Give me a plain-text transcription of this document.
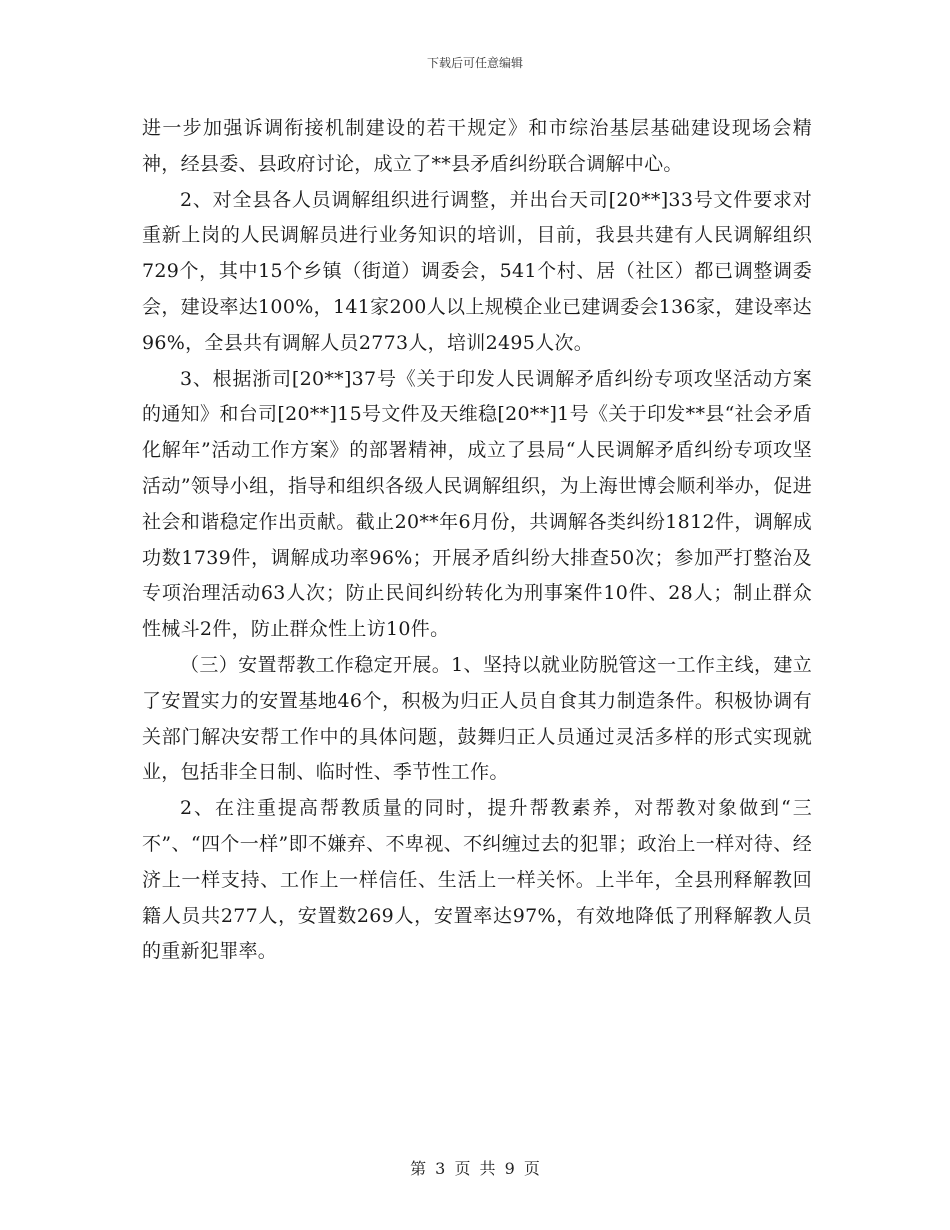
下载后可任意编辑

进一步加强诉调衔接机制建设的若干规定》和市综治基层基础建设现场会精神，经县委、县政府讨论，成立了**县矛盾纠纷联合调解中心。

2、对全县各人员调解组织进行调整，并出台天司[20**]33号文件要求对重新上岗的人民调解员进行业务知识的培训，目前，我县共建有人民调解组织729个，其中15个乡镇（街道）调委会，541个村、居（社区）都已调整调委会，建设率达100%，141家200人以上规模企业已建调委会136家，建设率达96%，全县共有调解人员2773人，培训2495人次。

3、根据浙司[20**]37号《关于印发人民调解矛盾纠纷专项攻坚活动方案的通知》和台司[20**]15号文件及天维稳[20**]1号《关于印发**县“社会矛盾化解年”活动工作方案》的部署精神，成立了县局“人民调解矛盾纠纷专项攻坚活动”领导小组，指导和组织各级人民调解组织，为上海世博会顺利举办，促进社会和谐稳定作出贡献。截止20**年6月份，共调解各类纠纷1812件，调解成功数1739件，调解成功率96%；开展矛盾纠纷大排查50次；参加严打整治及专项治理活动63人次；防止民间纠纷转化为刑事案件10件、28人；制止群众性械斗2件，防止群众性上访10件。

（三）安置帮教工作稳定开展。1、坚持以就业防脱管这一工作主线，建立了安置实力的安置基地46个，积极为归正人员自食其力制造条件。积极协调有关部门解决安帮工作中的具体问题，鼓舞归正人员通过灵活多样的形式实现就业，包括非全日制、临时性、季节性工作。

2、在注重提高帮教质量的同时，提升帮教素养，对帮教对象做到“三不”、“四个一样”即不嫌弃、不卑视、不纠缠过去的犯罪；政治上一样对待、经济上一样支持、工作上一样信任、生活上一样关怀。上半年，全县刑释解教回籍人员共277人，安置数269人，安置率达97%，有效地降低了刑释解教人员的重新犯罪率。

第 3 页 共 9 页
